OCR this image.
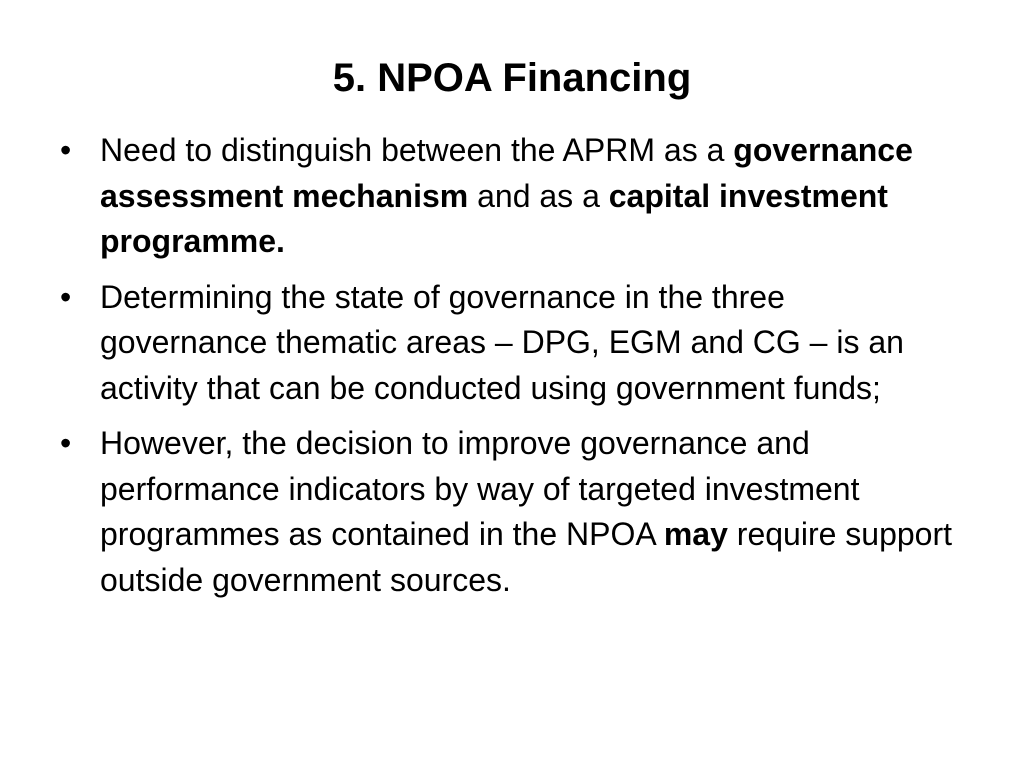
5. NPOA Financing
• Need to distinguish between the APRM as a governance assessment mechanism and as a capital investment programme.
• Determining the state of governance in the three governance thematic areas – DPG, EGM and CG – is an activity that can be conducted using government funds;
• However, the decision to improve governance and performance indicators by way of targeted investment programmes as contained in the NPOA may require support outside government sources.
